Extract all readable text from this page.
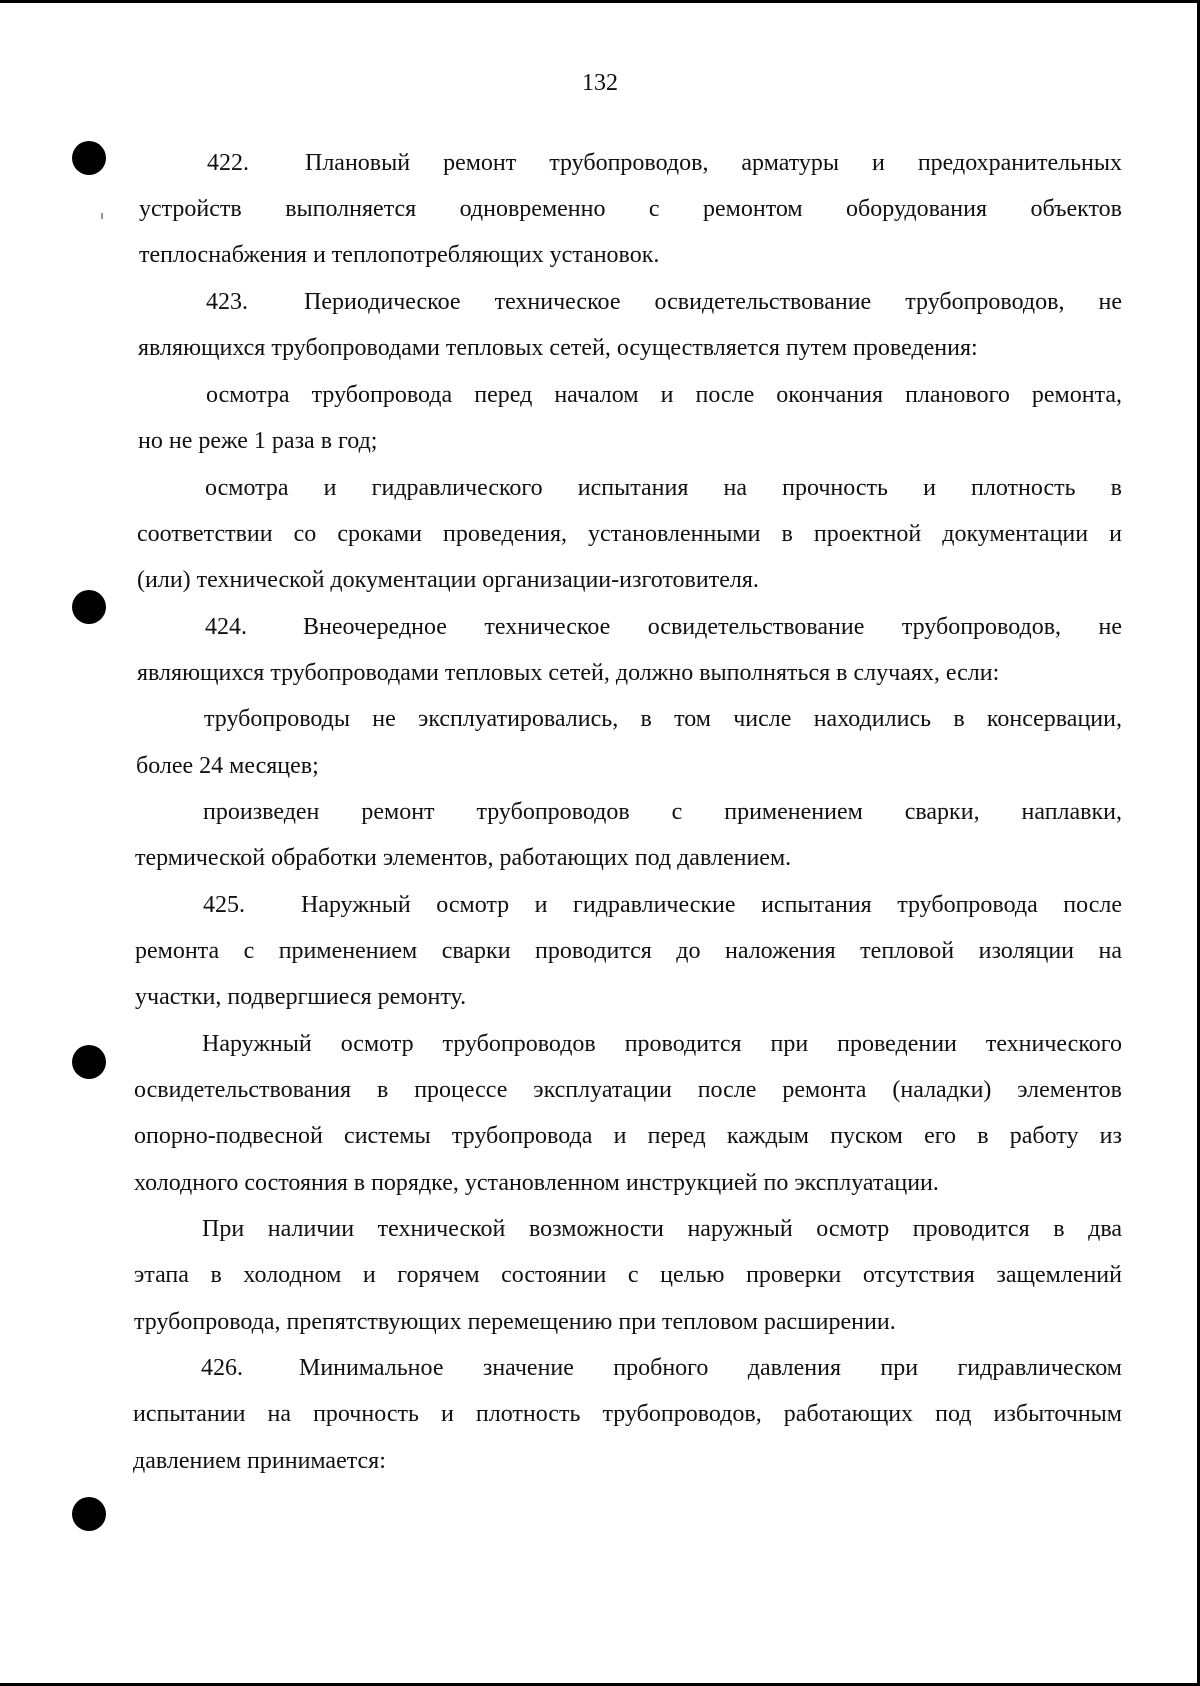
132
422. Плановый ремонт трубопроводов, арматуры и предохранительных
устройств выполняется одновременно с ремонтом оборудования объектов
теплоснабжения и теплопотребляющих установок.
423. Периодическое техническое освидетельствование трубопроводов, не
являющихся трубопроводами тепловых сетей, осуществляется путем проведения:
осмотра трубопровода перед началом и после окончания планового ремонта,
но не реже 1 раза в год;
осмотра и гидравлического испытания на прочность и плотность в
соответствии со сроками проведения, установленными в проектной документации и
(или) технической документации организации-изготовителя.
424. Внеочередное техническое освидетельствование трубопроводов, не
являющихся трубопроводами тепловых сетей, должно выполняться в случаях, если:
трубопроводы не эксплуатировались, в том числе находились в консервации,
более 24 месяцев;
произведен ремонт трубопроводов с применением сварки, наплавки,
термической обработки элементов, работающих под давлением.
425. Наружный осмотр и гидравлические испытания трубопровода после
ремонта с применением сварки проводится до наложения тепловой изоляции на
участки, подвергшиеся ремонту.
Наружный осмотр трубопроводов проводится при проведении технического
освидетельствования в процессе эксплуатации после ремонта (наладки) элементов
опорно-подвесной системы трубопровода и перед каждым пуском его в работу из
холодного состояния в порядке, установленном инструкцией по эксплуатации.
При наличии технической возможности наружный осмотр проводится в два
этапа в холодном и горячем состоянии с целью проверки отсутствия защемлений
трубопровода, препятствующих перемещению при тепловом расширении.
426. Минимальное значение пробного давления при гидравлическом
испытании на прочность и плотность трубопроводов, работающих под избыточным
давлением принимается:
